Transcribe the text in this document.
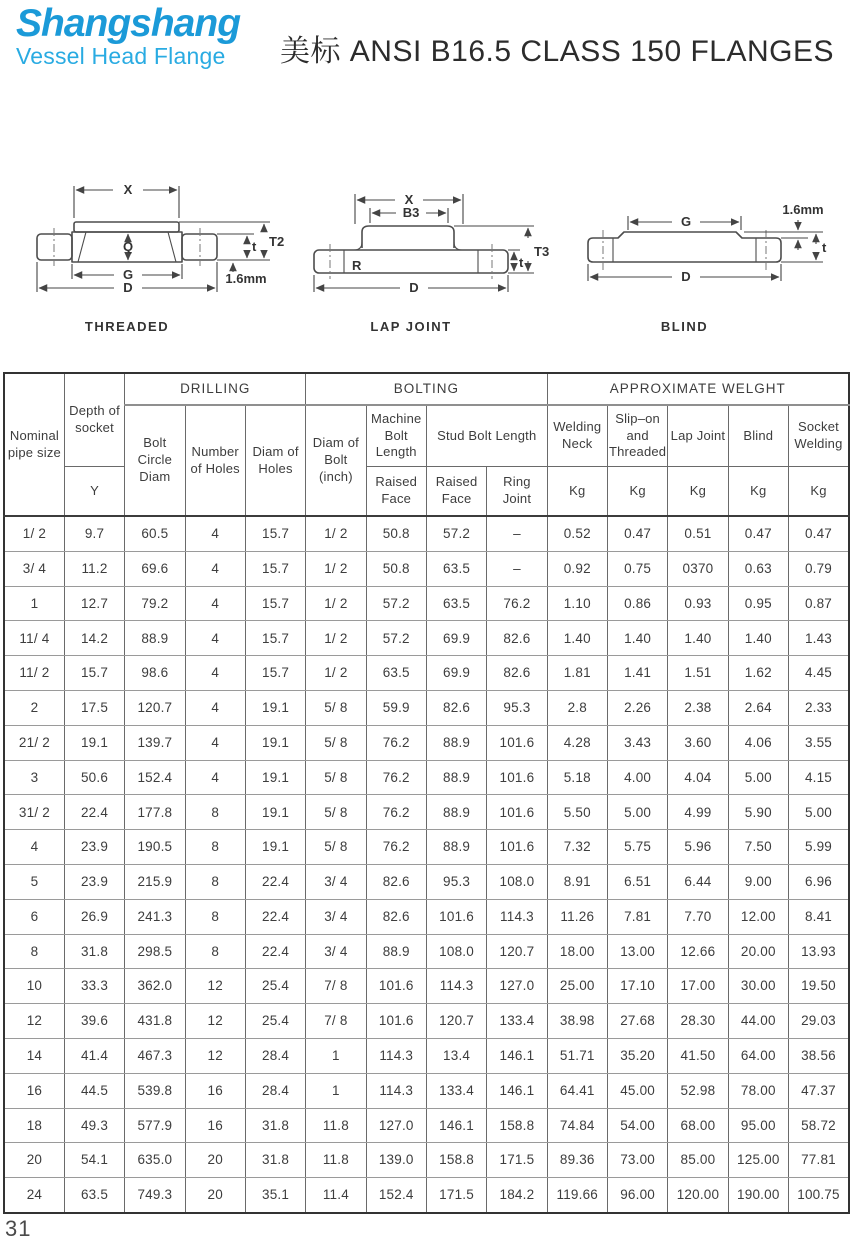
Shangshang
Vessel Head Flange	美标 ANSI B16.5 CLASS 150 FLANGES
X
Q
G
D
t T2
1.6mm
THREADED
R
X
B3
D
t
T3
LAP JOINT
G
D
1.6mm
t
BLIND
Nominal pipe size	Depth of socket	DRILLING			BOLTING				APPROXIMATE WELGHT				
		Bolt Circle Diam	Number of Holes	Diam of Holes	Diam of Bolt (inch)	Machine Bolt Length	Stud Bolt Length		Welding Neck	Slip–on and Threaded	Lap Joint	Blind	Socket Welding
	Y					Raised Face	Raised Face	Ring Joint	Kg	Kg	Kg	Kg	Kg
1/ 2	9.7	60.5	4	15.7	1/ 2	50.8	57.2	–	0.52	0.47	0.51	0.47	0.47
3/ 4	11.2	69.6	4	15.7	1/ 2	50.8	63.5	–	0.92	0.75	0370	0.63	0.79
1	12.7	79.2	4	15.7	1/ 2	57.2	63.5	76.2	1.10	0.86	0.93	0.95	0.87
11/ 4	14.2	88.9	4	15.7	1/ 2	57.2	69.9	82.6	1.40	1.40	1.40	1.40	1.43
11/ 2	15.7	98.6	4	15.7	1/ 2	63.5	69.9	82.6	1.81	1.41	1.51	1.62	4.45
2	17.5	120.7	4	19.1	5/ 8	59.9	82.6	95.3	2.8	2.26	2.38	2.64	2.33
21/ 2	19.1	139.7	4	19.1	5/ 8	76.2	88.9	101.6	4.28	3.43	3.60	4.06	3.55
3	50.6	152.4	4	19.1	5/ 8	76.2	88.9	101.6	5.18	4.00	4.04	5.00	4.15
31/ 2	22.4	177.8	8	19.1	5/ 8	76.2	88.9	101.6	5.50	5.00	4.99	5.90	5.00
4	23.9	190.5	8	19.1	5/ 8	76.2	88.9	101.6	7.32	5.75	5.96	7.50	5.99
5	23.9	215.9	8	22.4	3/ 4	82.6	95.3	108.0	8.91	6.51	6.44	9.00	6.96
6	26.9	241.3	8	22.4	3/ 4	82.6	101.6	114.3	11.26	7.81	7.70	12.00	8.41
8	31.8	298.5	8	22.4	3/ 4	88.9	108.0	120.7	18.00	13.00	12.66	20.00	13.93
10	33.3	362.0	12	25.4	7/ 8	101.6	114.3	127.0	25.00	17.10	17.00	30.00	19.50
12	39.6	431.8	12	25.4	7/ 8	101.6	120.7	133.4	38.98	27.68	28.30	44.00	29.03
14	41.4	467.3	12	28.4	1	114.3	13.4	146.1	51.71	35.20	41.50	64.00	38.56
16	44.5	539.8	16	28.4	1	114.3	133.4	146.1	64.41	45.00	52.98	78.00	47.37
18	49.3	577.9	16	31.8	11.8	127.0	146.1	158.8	74.84	54.00	68.00	95.00	58.72
20	54.1	635.0	20	31.8	11.8	139.0	158.8	171.5	89.36	73.00	85.00	125.00	77.81
24	63.5	749.3	20	35.1	11.4	152.4	171.5	184.2	119.66	96.00	120.00	190.00	100.75
31
